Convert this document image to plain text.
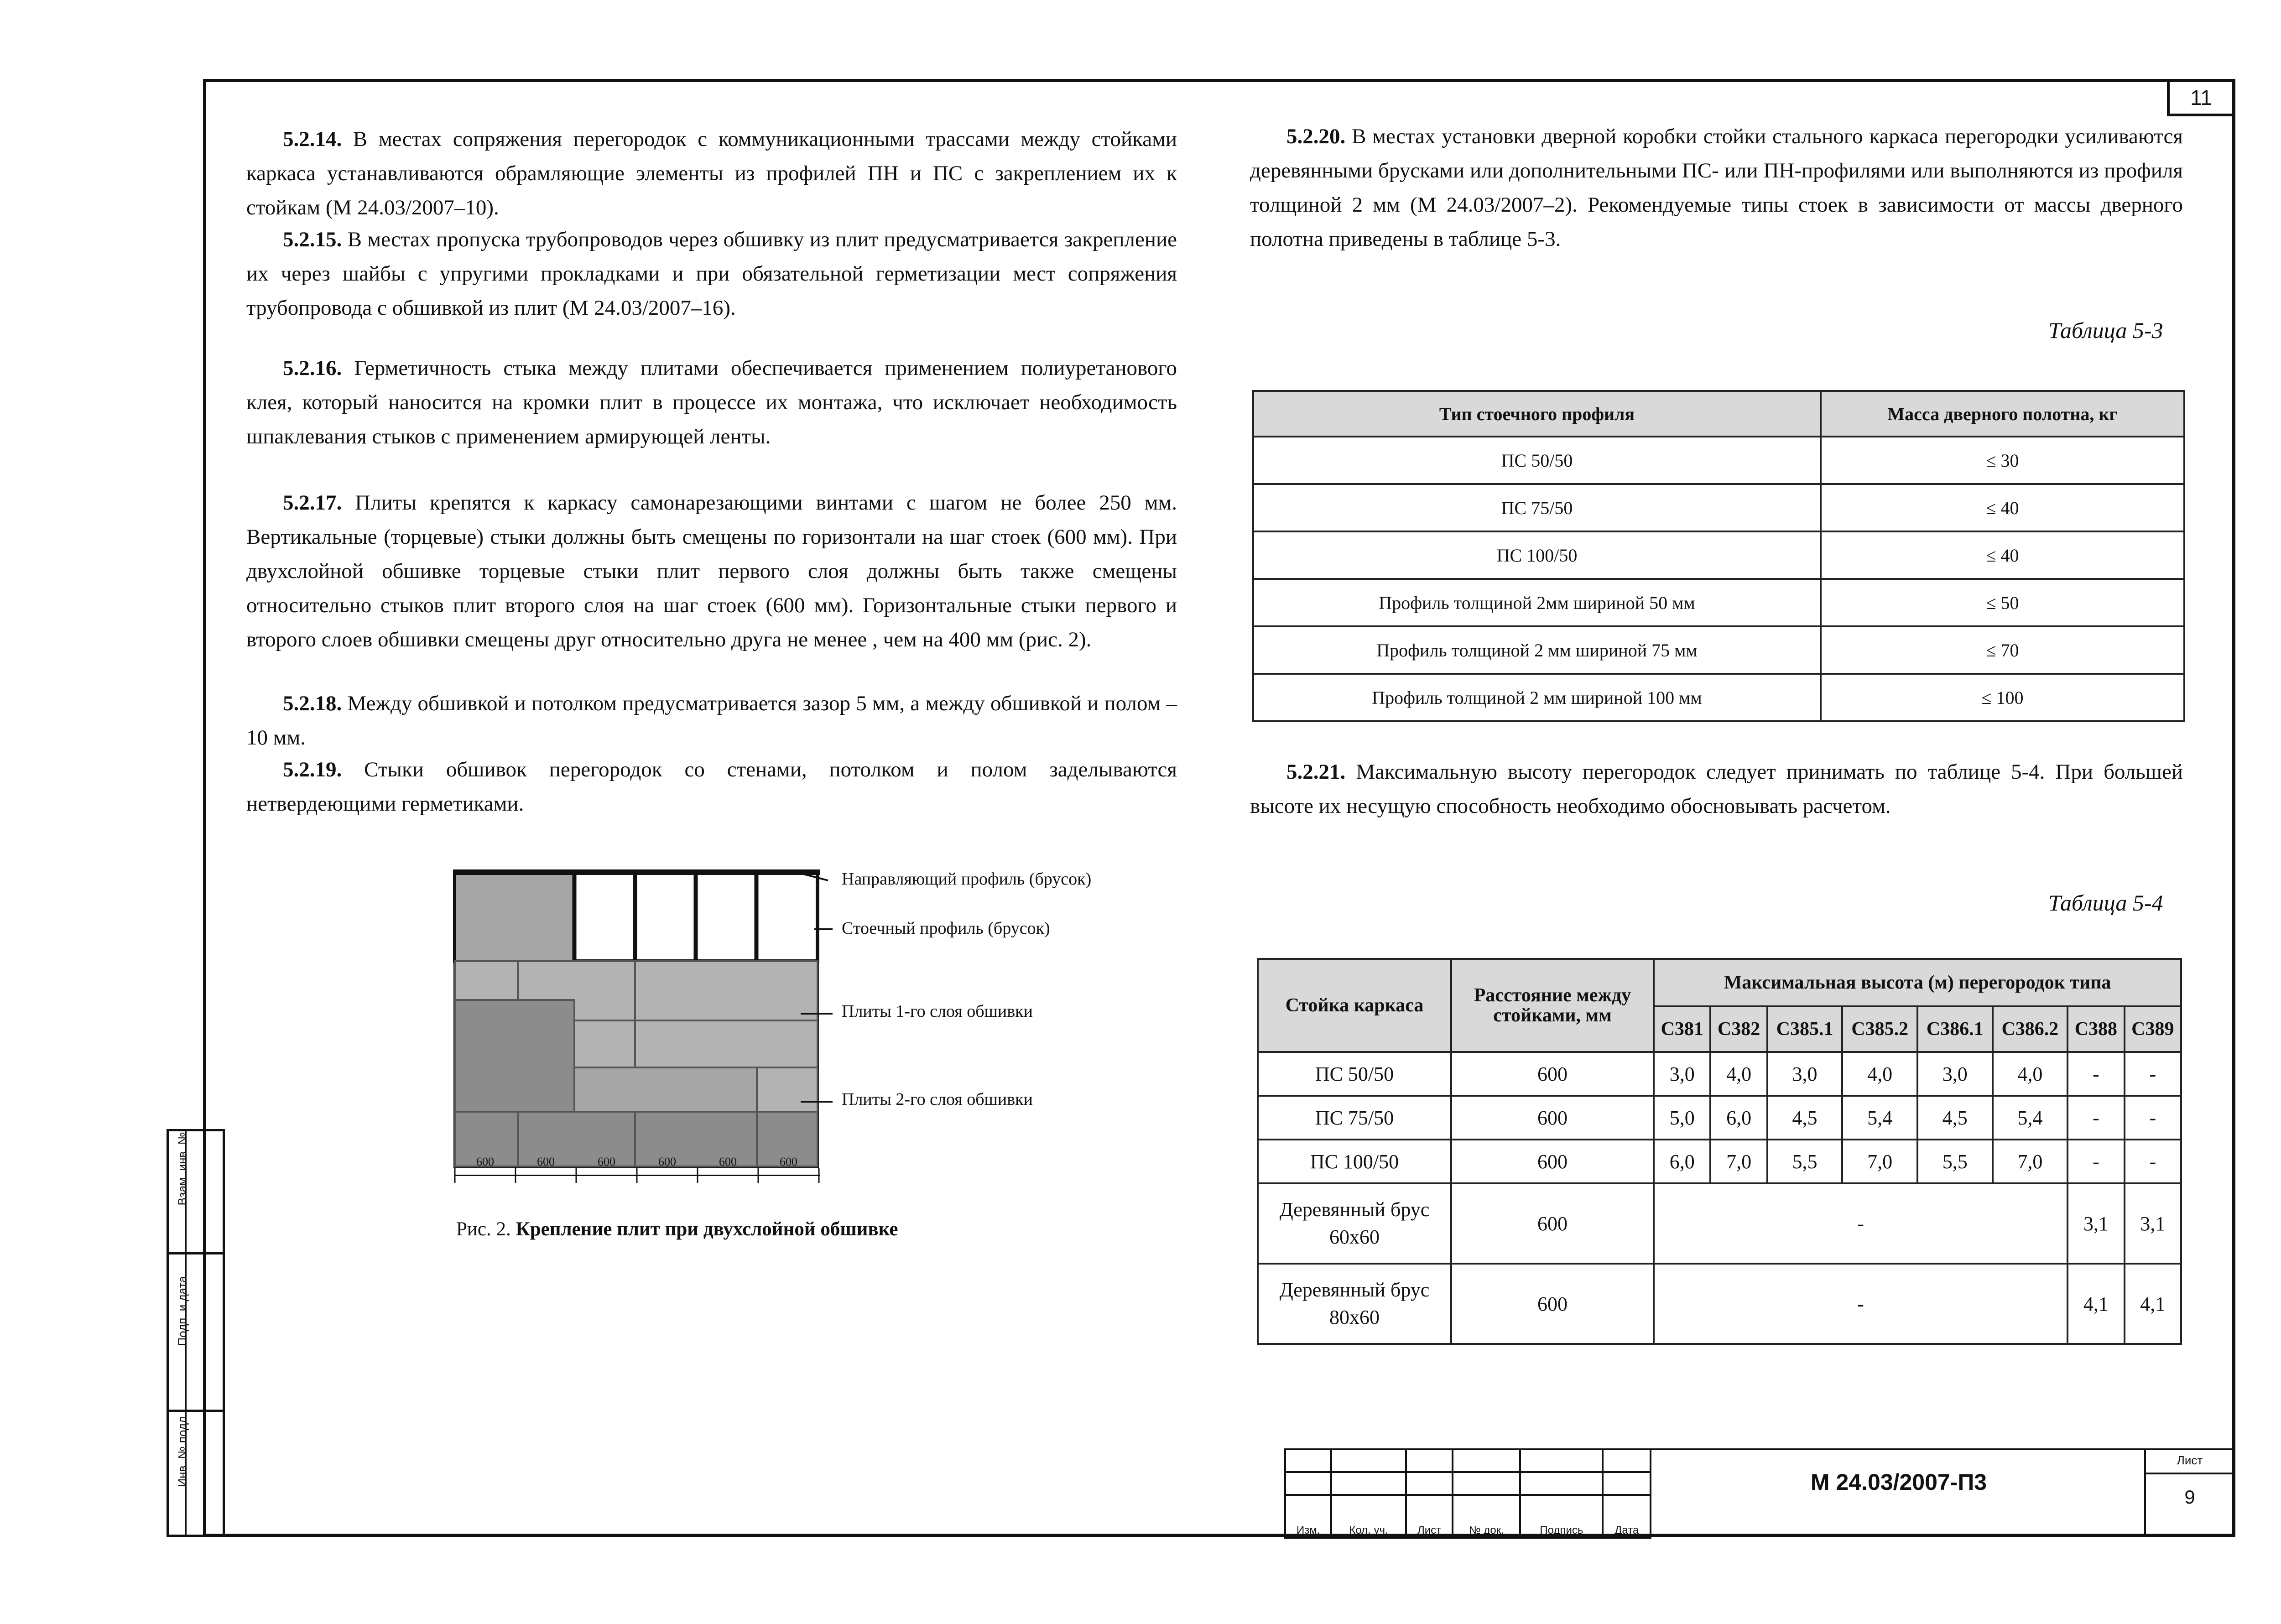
11
Взам. инв. №
Подп. и дата
Инв. № подл.
5.2.14. В местах сопряжения перегородок с коммуникационными трассами между стойками каркаса устанавливаются обрамляющие элементы из профилей ПН и ПС с закреплением их к стойкам (М 24.03/2007–10).
5.2.15. В местах пропуска трубопроводов через обшивку из плит предусматривается закрепление их через шайбы с упругими прокладками и при обязательной герметизации мест сопряжения трубопровода с обшивкой из плит (М 24.03/2007–16).
5.2.16. Герметичность стыка между плитами обеспечивается применением полиуретанового клея, который наносится на кромки плит в процессе их монтажа, что исключает необходимость шпаклевания стыков с применением армирующей ленты.
5.2.17. Плиты крепятся к каркасу самонарезающими винтами с шагом не более 250 мм. Вертикальные (торцевые) стыки должны быть смещены по горизонтали на шаг стоек (600 мм). При двухслойной обшивке торцевые стыки плит первого слоя должны быть также смещены относительно стыков плит второго слоя на шаг стоек (600 мм). Горизонтальные стыки первого и второго слоев обшивки смещены друг относительно друга не менее , чем на 400 мм (рис. 2).
5.2.18. Между обшивкой и потолком предусматривается зазор 5 мм, а между обшивкой и полом – 10 мм.
5.2.19. Стыки обшивок перегородок со стенами, потолком и полом заделываются нетвердеющими герметиками.
Направляющий профиль (брусок)
Стоечный профиль (брусок)
Плиты 1-го слоя обшивки
Плиты 2-го слоя обшивки
600	600	600	600	600	600
Рис. 2. Крепление плит при двухслойной обшивке
5.2.20. В местах установки дверной коробки стойки стального каркаса перегородки усиливаются деревянными брусками или дополнительными ПС- или ПН-профилями или выполняются из профиля толщиной 2 мм (М 24.03/2007–2). Рекомендуемые типы стоек в зависимости от массы дверного полотна приведены в таблице 5-3.
Таблица 5-3
Тип стоечного профиля	Масса дверного полотна, кг
ПС 50/50	≤ 30
ПС 75/50	≤ 40
ПС 100/50	≤ 40
Профиль толщиной 2мм шириной 50 мм	≤ 50
Профиль толщиной 2 мм шириной 75 мм	≤ 70
Профиль толщиной 2 мм шириной 100 мм	≤ 100
5.2.21. Максимальную высоту перегородок следует принимать по таблице 5-4. При большей высоте их несущую способность необходимо обосновывать расчетом.
Таблица 5-4
Стойка каркаса	Расстояние между стойками, мм	Максимальная высота (м) перегородок типа							
		С381	С382	С385.1	С385.2	С386.1	С386.2	С388	С389
ПС 50/50	600	3,0	4,0	3,0	4,0	3,0	4,0	-	-
ПС 75/50	600	5,0	6,0	4,5	5,4	4,5	5,4	-	-
ПС 100/50	600	6,0	7,0	5,5	7,0	5,5	7,0	-	-
Деревянный брус
60х60	600	-						3,1	3,1
Деревянный брус
80х60	600	-						4,1	4,1

Изм.	Кол. уч.	Лист	№ док.	Подпись	Дата
М 24.03/2007-П3
Лист
9
